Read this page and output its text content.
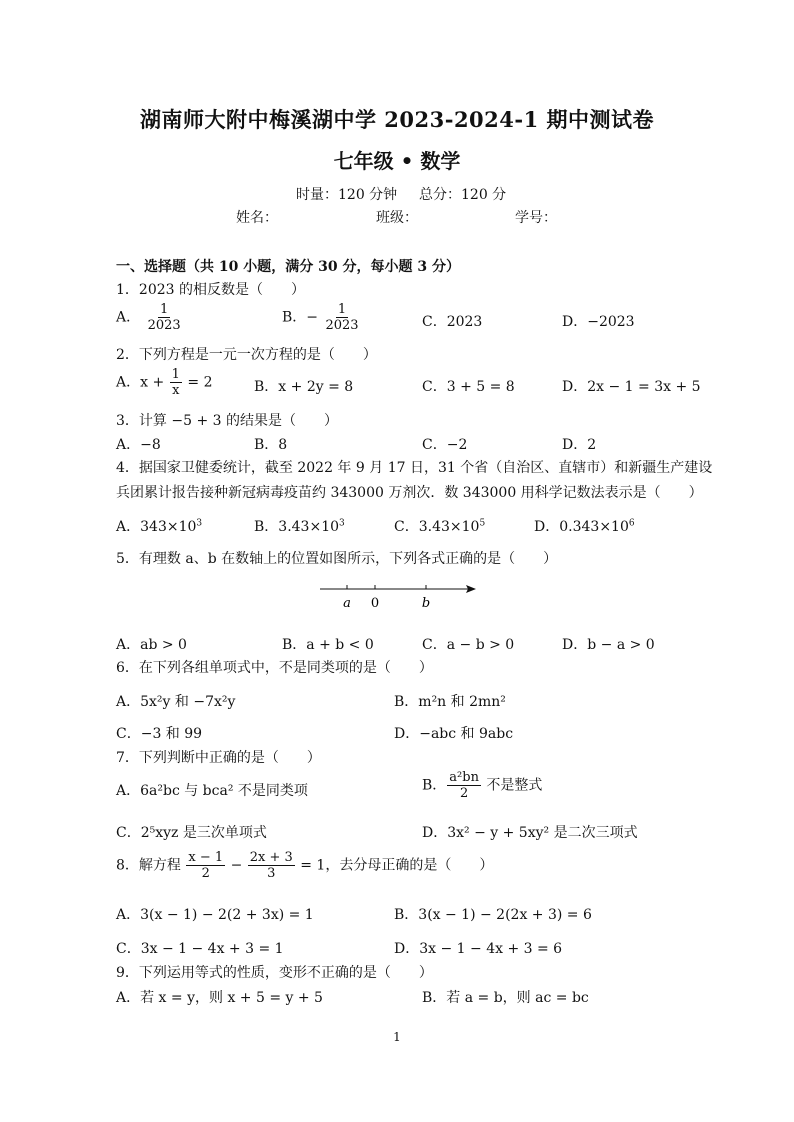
湖南师大附中梅溪湖中学 2023-2024-1 期中测试卷
七年级 • 数学
时量：120 分钟 总分：120 分
姓名：	班级：	学号：
一、选择题（共 10 小题，满分 30 分，每小题 3 分）
1．2023 的相反数是（　　）
A． $\frac{1}{2023}$	B．− $\frac{1}{2023}$	C．2023	D．−2023
2．下列方程是一元一次方程的是（　　）
A．$x + \frac{1}{x} = 2$	B．x + 2y = 8	C．3 + 5 = 8	D．2x − 1 = 3x + 5
3．计算 −5 + 3 的结果是（　　）
A．−8	B．8	C．−2	D．2
4．据国家卫健委统计，截至 2022 年 9 月 17 日，31 个省（自治区、直辖市）和新疆生产建设
兵团累计报告接种新冠病毒疫苗约 343000 万剂次．数 343000 用科学记数法表示是（　　）
A．$343\times 10^3$	B．$3.43\times 10^3$	C．$3.43\times 10^5$	D．$0.343\times 10^6$
5．有理数 a、b 在数轴上的位置如图所示，下列各式正确的是（　　）
a 0	b
A．ab > 0	B．a + b < 0	C．a − b > 0	D．b − a > 0
6．在下列各组单项式中，不是同类项的是（　　）
A．5x²y 和 −7x²y	B．m²n 和 2mn²
C．−3 和 99	D．−abc 和 9abc
7．下列判断中正确的是（　　）
A．6a²bc 与 bca² 不是同类项	B． $\frac{\text{a²bn}}{2}$ 不是整式
C．2⁵xyz 是三次单项式	D．3x² − y + 5xy² 是二次三项式
8．解方程 $\frac{x - 1}{2} - \frac{2x + 3}{3} = 1$，去分母正确的是（　　）
A．3(x − 1) − 2(2 + 3x) = 1	B．3(x − 1) − 2(2x + 3) = 6
C．3x − 1 − 4x + 3 = 1	D．3x − 1 − 4x + 3 = 6
9．下列运用等式的性质，变形不正确的是（　　）
A．若 x = y，则 x + 5 = y + 5	B．若 a = b，则 ac = bc
1
